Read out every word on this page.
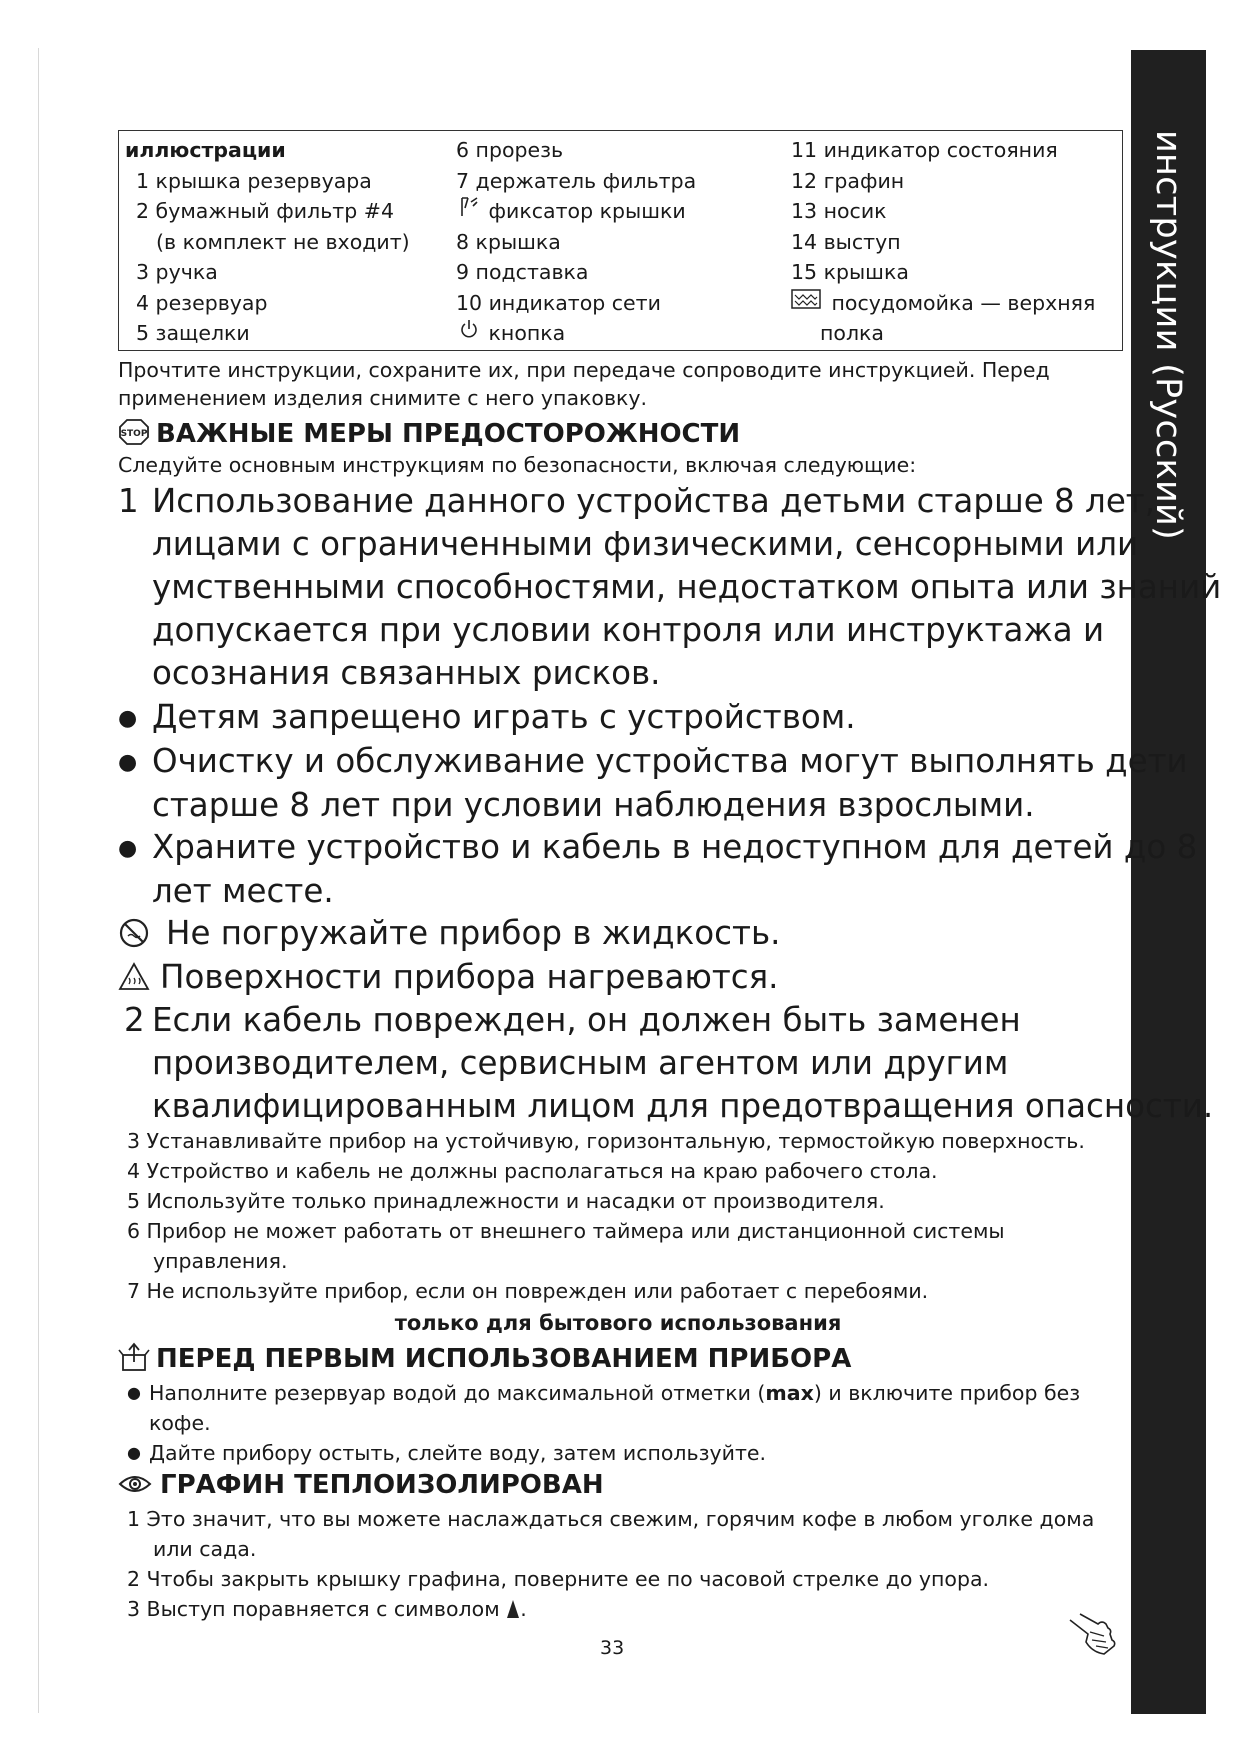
инструкции (Русский)
иллюстрации
1 крышка резервуара
2 бумажный фильтр #4
(в комплект не входит)
3 ручка
4 резервуар
5 защелки
6 прорезь
7 держатель фильтра
фиксатор крышки
8 крышка
9 подставка
10 индикатор сети
кнопка
11 индикатор состояния
12 графин
13 носик
14 выступ
15 крышка
посудомойка — верхняя
полка
Прочтите инструкции, сохраните их, при передаче сопроводите инструкцией. Перед
применением изделия снимите с него упаковку.
STOP ВАЖНЫЕ МЕРЫ ПРЕДОСТОРОЖНОСТИ
Следуйте основным инструкциям по безопасности, включая следующие:
1 Использование данного устройства детьми старше 8 лет,
лицами с ограниченными физическими, сенсорными или
умственными способностями, недостатком опыта или знаний
допускается при условии контроля или инструктажа и
осознания связанных рисков.
● Детям запрещено играть с устройством.
● Очистку и обслуживание устройства могут выполнять дети
старше 8 лет при условии наблюдения взрослыми.
● Храните устройство и кабель в недоступном для детей до 8
лет месте.
Не погружайте прибор в жидкость.
Поверхности прибора нагреваются.
2 Если кабель поврежден, он должен быть заменен
производителем, сервисным агентом или другим
квалифицированным лицом для предотвращения опасности.
3 Устанавливайте прибор на устойчивую, горизонтальную, термостойкую поверхность.
4 Устройство и кабель не должны располагаться на краю рабочего стола.
5 Используйте только принадлежности и насадки от производителя.
6 Прибор не может работать от внешнего таймера или дистанционной системы
управления.
7 Не используйте прибор, если он поврежден или работает с перебоями.
только для бытового использования
ПЕРЕД ПЕРВЫМ ИСПОЛЬЗОВАНИЕМ ПРИБОРА
● Наполните резервуар водой до максимальной отметки (max) и включите прибор без
кофе.
● Дайте прибору остыть, слейте воду, затем используйте.
ГРАФИН ТЕПЛОИЗОЛИРОВАН
1 Это значит, что вы можете наслаждаться свежим, горячим кофе в любом уголке дома
или сада.
2 Чтобы закрыть крышку графина, поверните ее по часовой стрелке до упора.
3 Выступ поравняется с символом .
33
